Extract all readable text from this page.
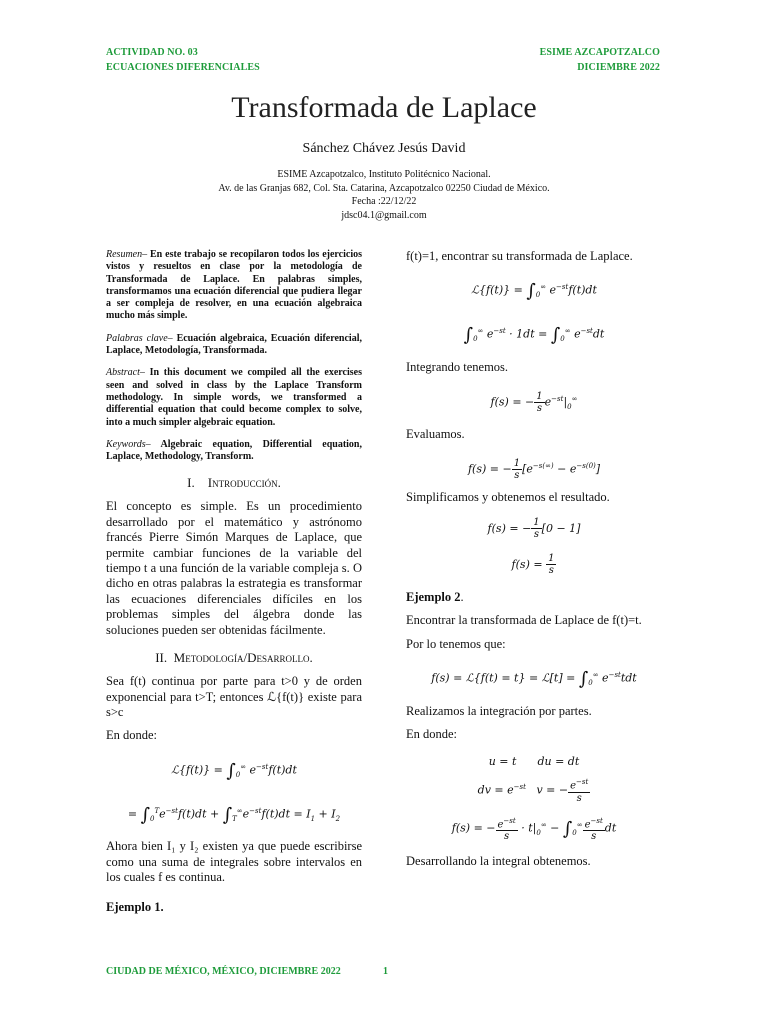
ACTIVIDAD NO. 03
ECUACIONES DIFERENCIALES
ESIME AZCAPOTZALCO
DICIEMBRE 2022
Transformada de Laplace
Sánchez Chávez Jesús David
ESIME Azcapotzalco, Instituto Politécnico Nacional.
Av. de las Granjas 682, Col. Sta. Catarina, Azcapotzalco 02250 Ciudad de México.
Fecha :22/12/22
jdsc04.1@gmail.com

Resumen– En este trabajo se recopilaron todos los ejercicios vistos y resueltos en clase por la metodología de Transformada de Laplace. En palabras simples, transformamos una ecuación diferencial que pudiera llegar a ser compleja de resolver, en una ecuación algebraica mucho más simple.

Palabras clave– Ecuación algebraica, Ecuación diferencial, Laplace, Metodología, Transformada.

Abstract– In this document we compiled all the exercises seen and solved in class by the Laplace Transform methodology. In simple words, we transformed a differential equation that could become complex to solve, into a much simpler algebraic equation.

Keywords– Algebraic equation, Differential equation, Laplace, Methodology, Transform.

I. Introducción.

El concepto es simple. Es un procedimiento desarrollado por el matemático y astrónomo francés Pierre Simón Marques de Laplace, que permite cambiar funciones de la variable del tiempo t a una función de la variable compleja s. O dicho en otras palabras la estrategia es transformar las ecuaciones diferenciales difíciles en los problemas simples del álgebra donde las soluciones pueden ser obtenidas fácilmente.

II. Metodología/Desarrollo.

Sea f(t) continua por parte para t>0 y de orden exponencial para t>T; entonces ℒ{f(t)} existe para s>c

En donde:

ℒ{f(t)} = $\int_0^\infty$ $e^{-st}f(t)dt$
= $\int_0^Te^{-st}f(t)dt + \int_T^\infty e^{-st}f(t)dt = I_1 + I_2$

Ahora bien I₁ y I₂ existen ya que puede escribirse como una suma de integrales sobre intervalos en los cuales f es continua.

Ejemplo 1.

f(t)=1, encontrar su transformada de Laplace.

ℒ{f(t)} = $\int_0^\infty$ $e^{-st}f(t)dt$
$\int_0^\infty$ $e^{-st} \cdot 1dt = \int_0^\infty$ $e^{-st}dt$

Integrando tenemos.

f(s) = − $\frac{1}{s} e^{-st}|_0^\infty$

Evaluamos.

f(s) = − $\frac{1}{s} [e^{-s(\infty)} - e^{-s(0)}]$

Simplificamos y obtenemos el resultado.

f(s) = − $\frac{1}{s} [0 - 1]$
$f(s) = \frac{1}{s}$

Ejemplo 2.

Encontrar la transformada de Laplace de f(t)=t.

Por lo tenemos que:

f(s) = ℒ{f(t) = t} = ℒ[t] = $\int_0^\infty$ $e^{-st}tdt$

Realizamos la integración por partes.

En donde:

u = t du = dt
dv = $e^{-st}$ v = − $\frac{e^{-st}}{s}$
f(s) = − $\frac{e^{-st}}{s} \cdot t|_0^\infty - \int_0^\infty \frac{e^{-st}}{s}$ dt

Desarrollando la integral obtenemos.

CIUDAD DE MÉXICO, MÉXICO, DICIEMBRE 2022	1
